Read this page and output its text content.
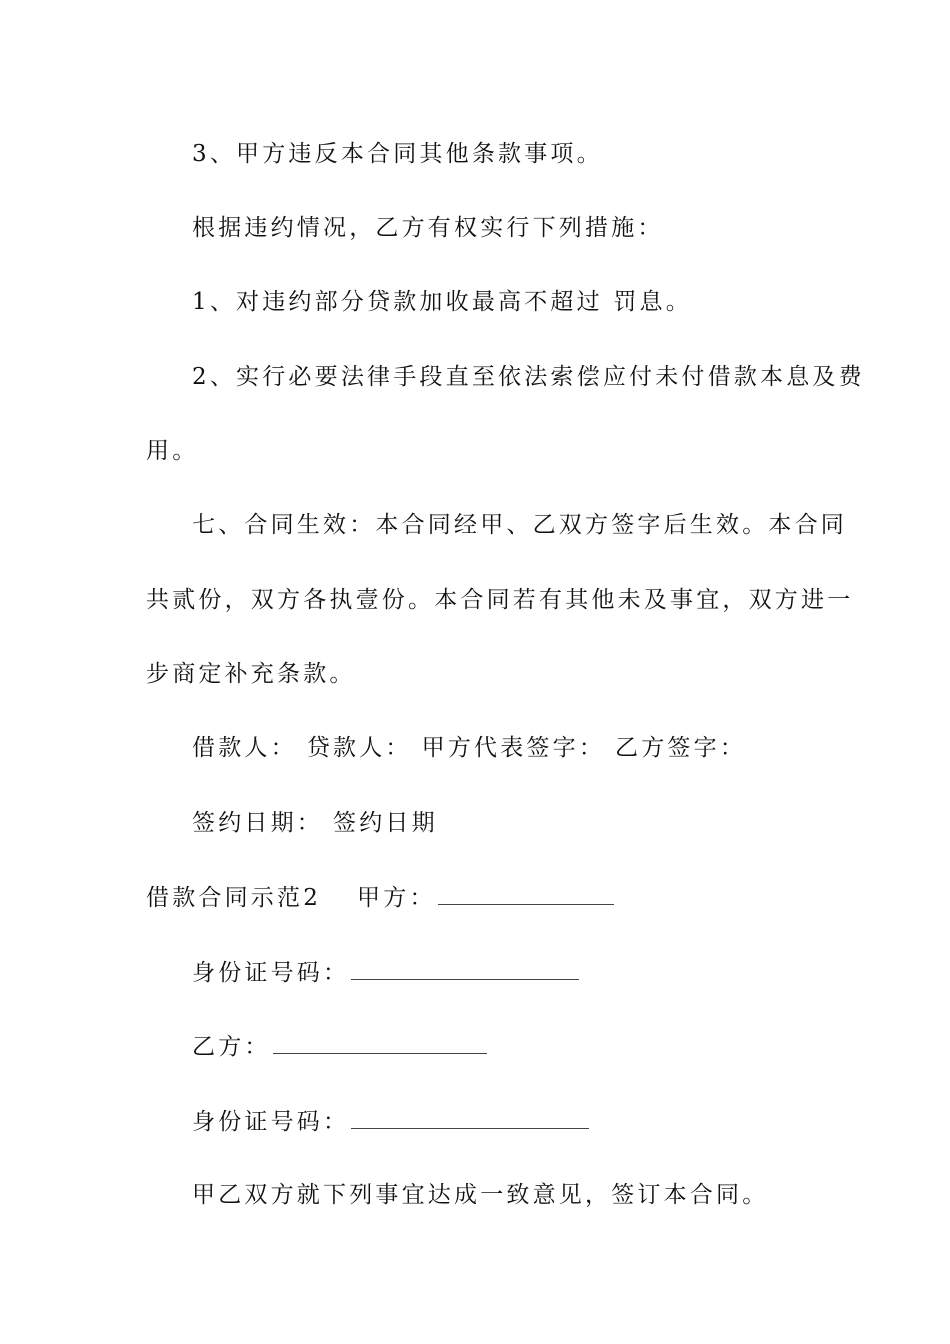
3、甲方违反本合同其他条款事项。
根据违约情况，乙方有权实行下列措施：
1、对违约部分贷款加收最高不超过 罚息。
2、实行必要法律手段直至依法索偿应付未付借款本息及费
用。
七、合同生效：本合同经甲、乙双方签字后生效。本合同
共贰份，双方各执壹份。本合同若有其他未及事宜，双方进一
步商定补充条款。
借款人： 贷款人： 甲方代表签字： 乙方签字：
签约日期： 签约日期
借款合同示范2 甲方：
身份证号码：
乙方：
身份证号码：
甲乙双方就下列事宜达成一致意见，签订本合同。
